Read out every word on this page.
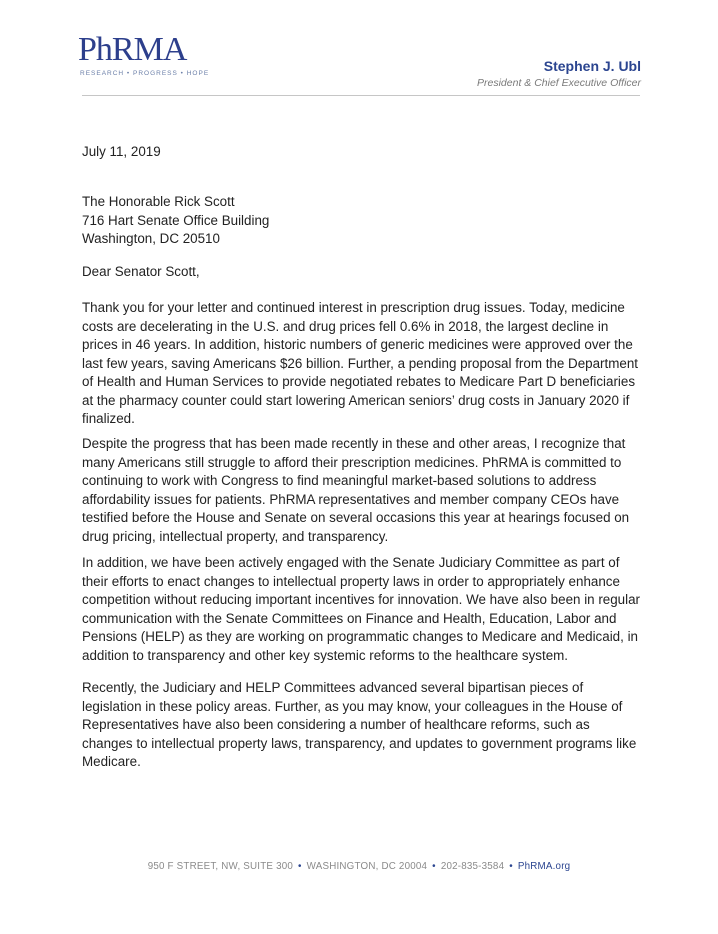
PhRMA
RESEARCH • PROGRESS • HOPE	Stephen J. Ubl
President & Chief Executive Officer
July 11, 2019
The Honorable Rick Scott
716 Hart Senate Office Building
Washington, DC 20510
Dear Senator Scott,

Thank you for your letter and continued interest in prescription drug issues. Today, medicine costs are decelerating in the U.S. and drug prices fell 0.6% in 2018, the largest decline in prices in 46 years. In addition, historic numbers of generic medicines were approved over the last few years, saving Americans $26 billion. Further, a pending proposal from the Department of Health and Human Services to provide negotiated rebates to Medicare Part D beneficiaries at the pharmacy counter could start lowering American seniors’ drug costs in January 2020 if finalized.

Despite the progress that has been made recently in these and other areas, I recognize that many Americans still struggle to afford their prescription medicines. PhRMA is committed to continuing to work with Congress to find meaningful market-based solutions to address affordability issues for patients. PhRMA representatives and member company CEOs have testified before the House and Senate on several occasions this year at hearings focused on drug pricing, intellectual property, and transparency.

In addition, we have been actively engaged with the Senate Judiciary Committee as part of their efforts to enact changes to intellectual property laws in order to appropriately enhance competition without reducing important incentives for innovation. We have also been in regular communication with the Senate Committees on Finance and Health, Education, Labor and Pensions (HELP) as they are working on programmatic changes to Medicare and Medicaid, in addition to transparency and other key systemic reforms to the healthcare system.

Recently, the Judiciary and HELP Committees advanced several bipartisan pieces of legislation in these policy areas. Further, as you may know, your colleagues in the House of Representatives have also been considering a number of healthcare reforms, such as changes to intellectual property laws, transparency, and updates to government programs like Medicare.

950 F STREET, NW, SUITE 300 • WASHINGTON, DC 20004 • 202-835-3584 • PhRMA.org
